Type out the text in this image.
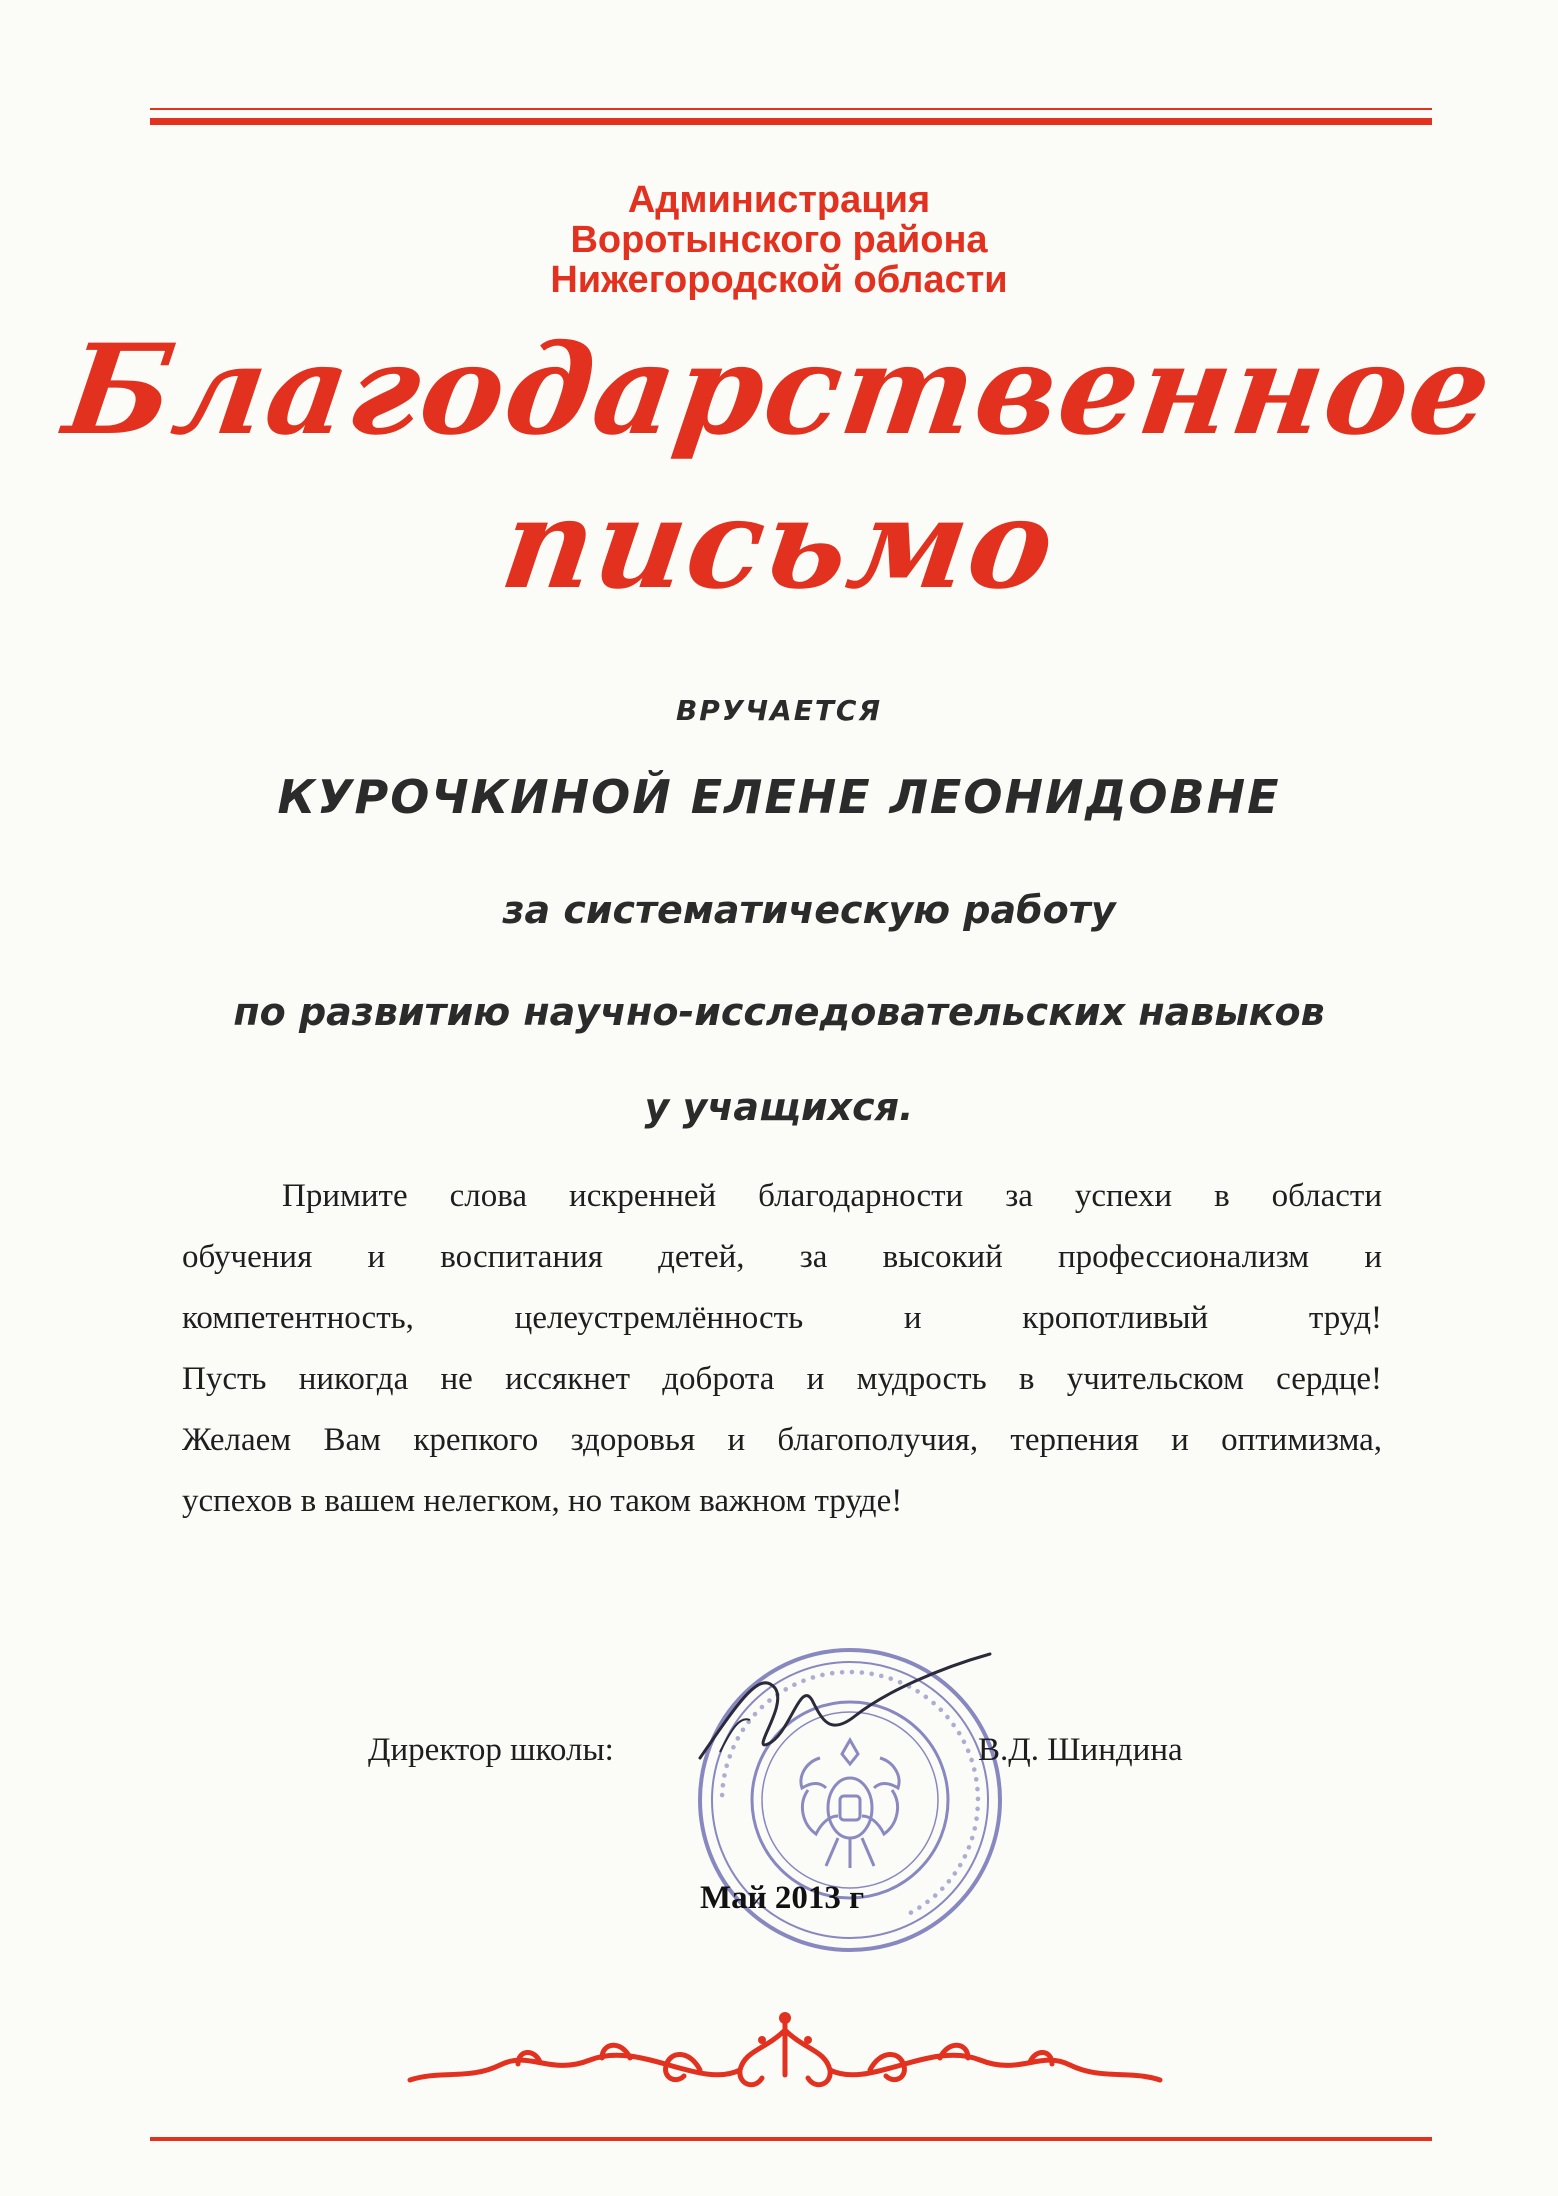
Администрация
Воротынского района
Нижегородской области
Благодарственное
письмо
ВРУЧАЕТСЯ
КУРОЧКИНОЙ ЕЛЕНЕ ЛЕОНИДОВНЕ
за систематическую работу
по развитию научно-исследовательских навыков
у учащихся.
Примите слова искренней благодарности за успехи в области
обучения и воспитания детей, за высокий профессионализм и
компетентность, целеустремлённость и кропотливый труд!
Пусть никогда не иссякнет доброта и мудрость в учительском сердце!
Желаем Вам крепкого здоровья и благополучия, терпения и оптимизма,
успехов в вашем нелегком, но таком важном труде!
•••••••••••••••••••••••••••••••••••••••••••••••••••••••
Директор школы:	В.Д. Шиндина
Май 2013 г
